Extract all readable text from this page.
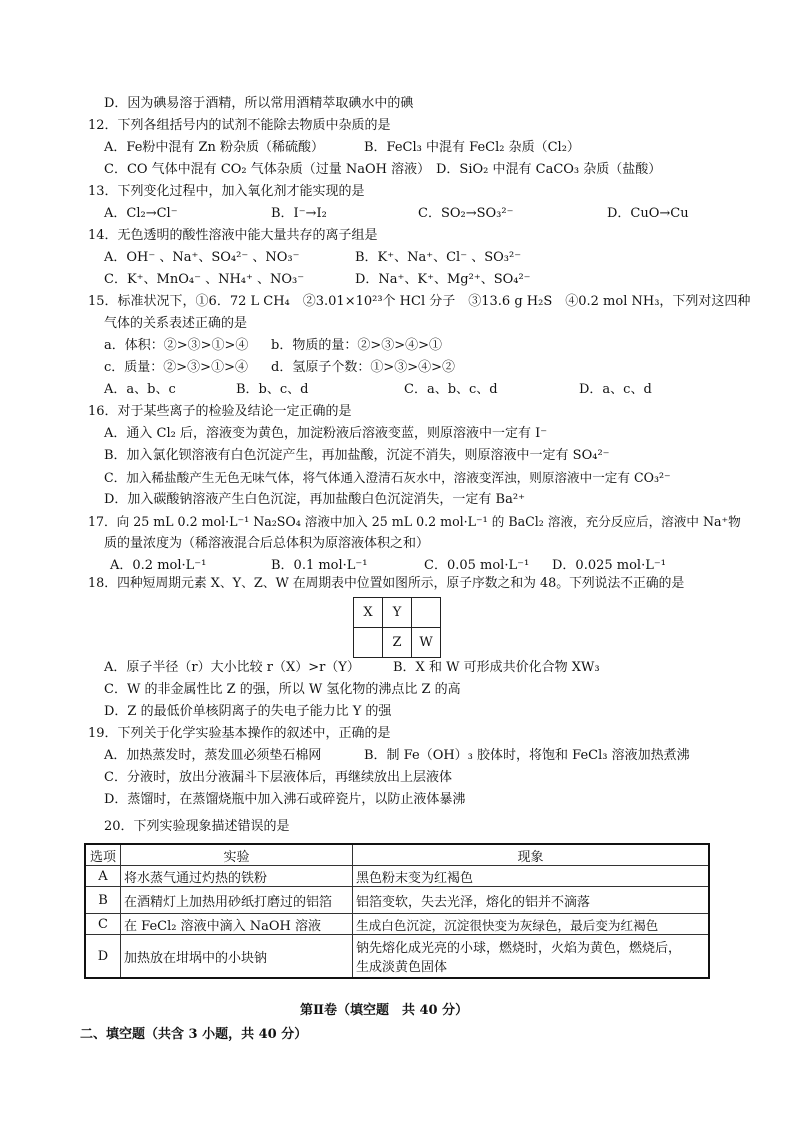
D．因为碘易溶于酒精，所以常用酒精萃取碘水中的碘
12．下列各组括号内的试剂不能除去物质中杂质的是
A．Fe粉中混有 Zn 粉杂质（稀硫酸）	B．FeCl₃ 中混有 FeCl₂ 杂质（Cl₂）
C．CO 气体中混有 CO₂ 气体杂质（过量 NaOH 溶液） D．SiO₂ 中混有 CaCO₃ 杂质（盐酸）
13．下列变化过程中，加入氧化剂才能实现的是
A．Cl₂→Cl⁻	B．I⁻→I₂	C．SO₂→SO₃²⁻	D．CuO→Cu
14．无色透明的酸性溶液中能大量共存的离子组是
A．OH⁻ 、Na⁺、SO₄²⁻ 、NO₃⁻	B．K⁺、Na⁺、Cl⁻ 、SO₃²⁻
C．K⁺、MnO₄⁻ 、NH₄⁺ 、NO₃⁻	D．Na⁺、K⁺、Mg²⁺、SO₄²⁻
15．标准状况下，①6．72 L CH₄　②3.01×10²³个 HCl 分子　③13.6 g H₂S　④0.2 mol NH₃，下列对这四种
气体的关系表述正确的是
a．体积：②>③>①>④ b．物质的量：②>③>④>①
c．质量：②>③>①>④ d．氢原子个数：①>③>④>②
A．a、b、c	B．b、c、d	C．a、b、c、d	D．a、c、d
16．对于某些离子的检验及结论一定正确的是
A．通入 Cl₂ 后，溶液变为黄色，加淀粉液后溶液变蓝，则原溶液中一定有 I⁻
B．加入氯化钡溶液有白色沉淀产生，再加盐酸，沉淀不消失，则原溶液中一定有 SO₄²⁻
C．加入稀盐酸产生无色无味气体，将气体通入澄清石灰水中，溶液变浑浊，则原溶液中一定有 CO₃²⁻
D．加入碳酸钠溶液产生白色沉淀，再加盐酸白色沉淀消失，一定有 Ba²⁺
17．向 25 mL 0.2 mol·L⁻¹ Na₂SO₄ 溶液中加入 25 mL 0.2 mol·L⁻¹ 的 BaCl₂ 溶液，充分反应后，溶液中 Na⁺物
质的量浓度为（稀溶液混合后总体积为原溶液体积之和）
A．0.2 mol·L⁻¹	B．0.1 mol·L⁻¹	C．0.05 mol·L⁻¹ D．0.025 mol·L⁻¹
18．四种短周期元素 X、Y、Z、W 在周期表中位置如图所示，原子序数之和为 48。下列说法不正确的是
X	Y	
	Z	W
A．原子半径（r）大小比较 r（X）>r（Y）	B．X 和 W 可形成共价化合物 XW₃
C．W 的非金属性比 Z 的强，所以 W 氢化物的沸点比 Z 的高
D．Z 的最低价单核阴离子的失电子能力比 Y 的强
19．下列关于化学实验基本操作的叙述中，正确的是
A．加热蒸发时，蒸发皿必须垫石棉网	B．制 Fe（OH）₃ 胶体时，将饱和 FeCl₃ 溶液加热煮沸
C．分液时，放出分液漏斗下层液体后，再继续放出上层液体
D．蒸馏时，在蒸馏烧瓶中加入沸石或碎瓷片，以防止液体暴沸
20．下列实验现象描述错误的是
选项	实验	现象
A	将水蒸气通过灼热的铁粉	黑色粉末变为红褐色
B	在酒精灯上加热用砂纸打磨过的铝箔	铝箔变软，失去光泽，熔化的铝并不滴落
C	在 FeCl₂ 溶液中滴入 NaOH 溶液	生成白色沉淀，沉淀很快变为灰绿色，最后变为红褐色
D	加热放在坩埚中的小块钠	钠先熔化成光亮的小球，燃烧时，火焰为黄色，燃烧后，
生成淡黄色固体
第Ⅱ卷（填空题　共 40 分）
二、填空题（共含 3 小题，共 40 分）
